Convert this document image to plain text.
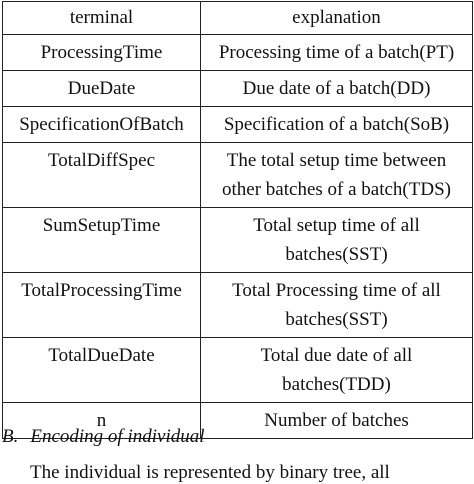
terminal	explanation
ProcessingTime	Processing time of a batch(PT)
DueDate	Due date of a batch(DD)
SpecificationOfBatch	Specification of a batch(SoB)
TotalDiffSpec	The total setup time between other batches of a batch(TDS)
SumSetupTime	Total setup time of all batches(SST)
TotalProcessingTime	Total Processing time of all batches(SST)
TotalDueDate	Total due date of all batches(TDD)
n	Number of batches
B. Encoding of individual
The individual is represented by binary tree, all
